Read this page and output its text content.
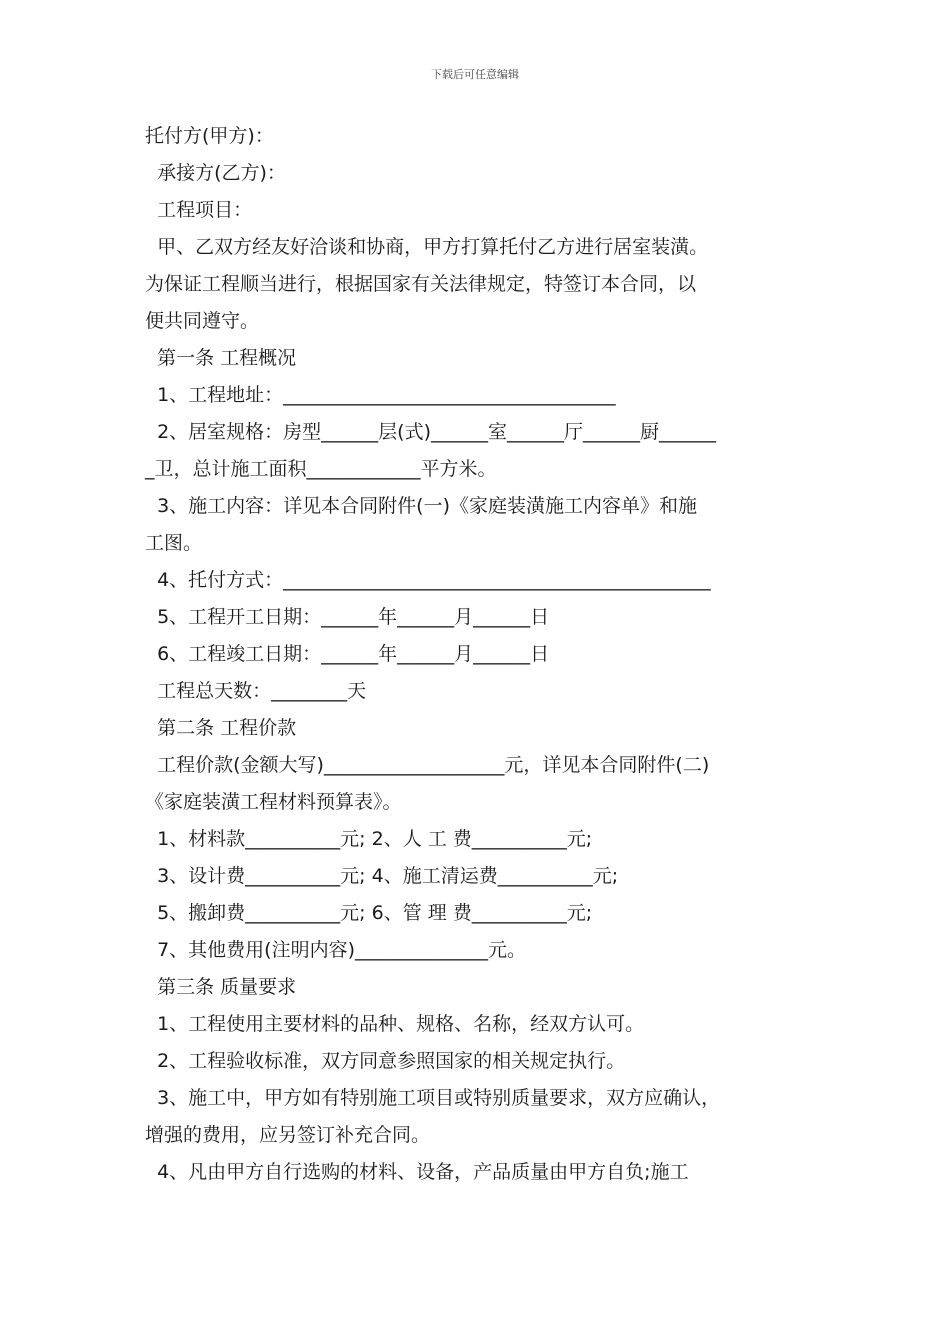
下载后可任意编辑

托付方(甲方)：

承接方(乙方)：

工程项目：

甲、乙双方经友好洽谈和协商，甲方打算托付乙方进行居室装潢。

为保证工程顺当进行，根据国家有关法律规定，特签订本合同，以

便共同遵守。

第一条 工程概况

1、工程地址：___________________________________

2、居室规格：房型______层(式)______室______厅______厨______

_卫，总计施工面积____________平方米。

3、施工内容：详见本合同附件(一)《家庭装潢施工内容单》和施

工图。

4、托付方式：_____________________________________________

5、工程开工日期：______年______月______日

6、工程竣工日期：______年______月______日

工程总天数：________天

第二条 工程价款

工程价款(金额大写)___________________元，详见本合同附件(二)

《家庭装潢工程材料预算表》。

1、材料款__________元; 2、人 工 费__________元;

3、设计费__________元; 4、施工清运费__________元;

5、搬卸费__________元; 6、管 理 费__________元;

7、其他费用(注明内容)______________元。

第三条 质量要求

1、工程使用主要材料的品种、规格、名称，经双方认可。

2、工程验收标准，双方同意参照国家的相关规定执行。

3、施工中，甲方如有特别施工项目或特别质量要求，双方应确认，

增强的费用，应另签订补充合同。

4、凡由甲方自行选购的材料、设备，产品质量由甲方自负;施工
